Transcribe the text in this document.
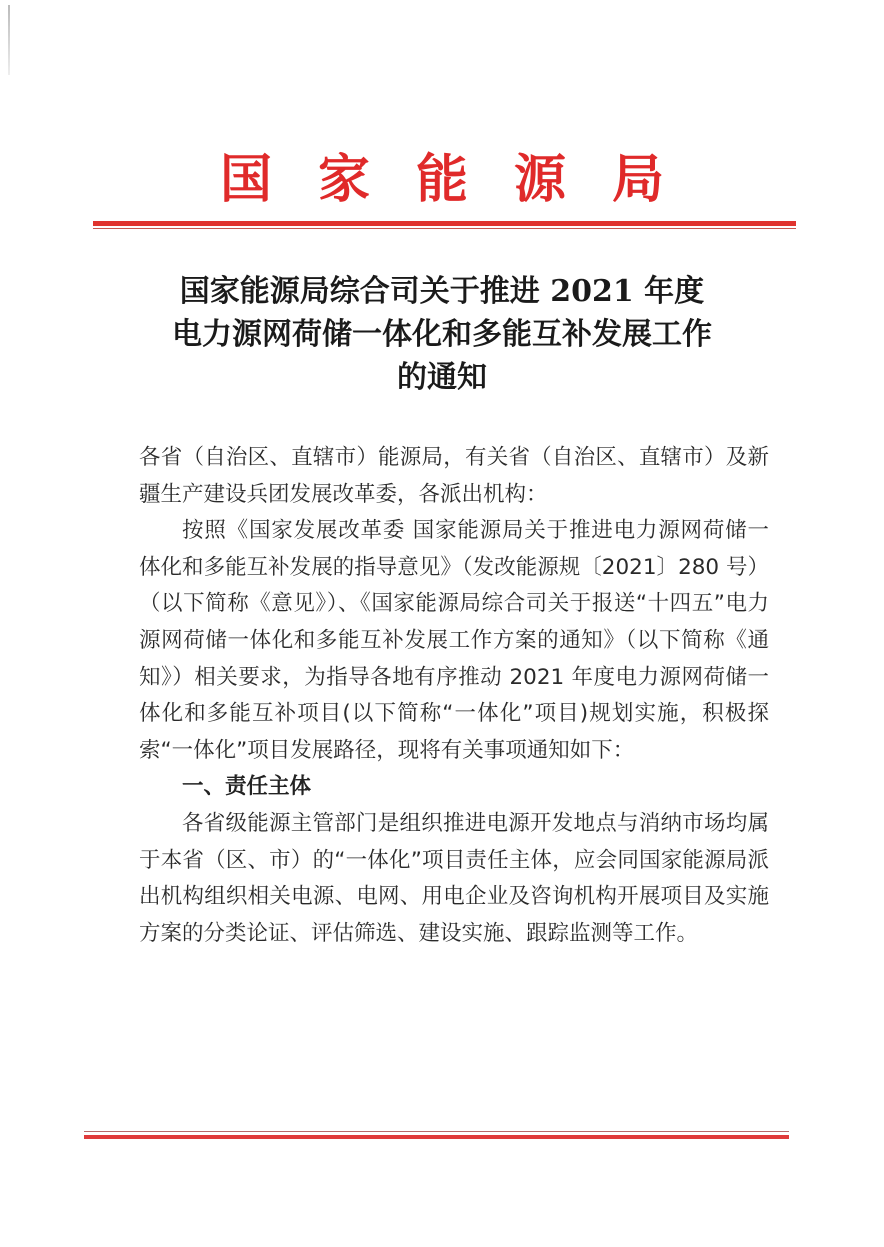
国家能源局
国家能源局综合司关于推进 2021 年度
电力源网荷储一体化和多能互补发展工作
的通知

各省（自治区、直辖市）能源局，有关省（自治区、直辖市）及新疆生产建设兵团发展改革委，各派出机构：

按照《国家发展改革委 国家能源局关于推进电力源网荷储一体化和多能互补发展的指导意见》（发改能源规〔2021〕280 号）（以下简称《意见》）、《国家能源局综合司关于报送“十四五”电力源网荷储一体化和多能互补发展工作方案的通知》（以下简称《通知》）相关要求，为指导各地有序推动 2021 年度电力源网荷储一体化和多能互补项目(以下简称“一体化”项目)规划实施，积极探索“一体化”项目发展路径，现将有关事项通知如下：

一、责任主体

各省级能源主管部门是组织推进电源开发地点与消纳市场均属于本省（区、市）的“一体化”项目责任主体，应会同国家能源局派出机构组织相关电源、电网、用电企业及咨询机构开展项目及实施方案的分类论证、评估筛选、建设实施、跟踪监测等工作。
